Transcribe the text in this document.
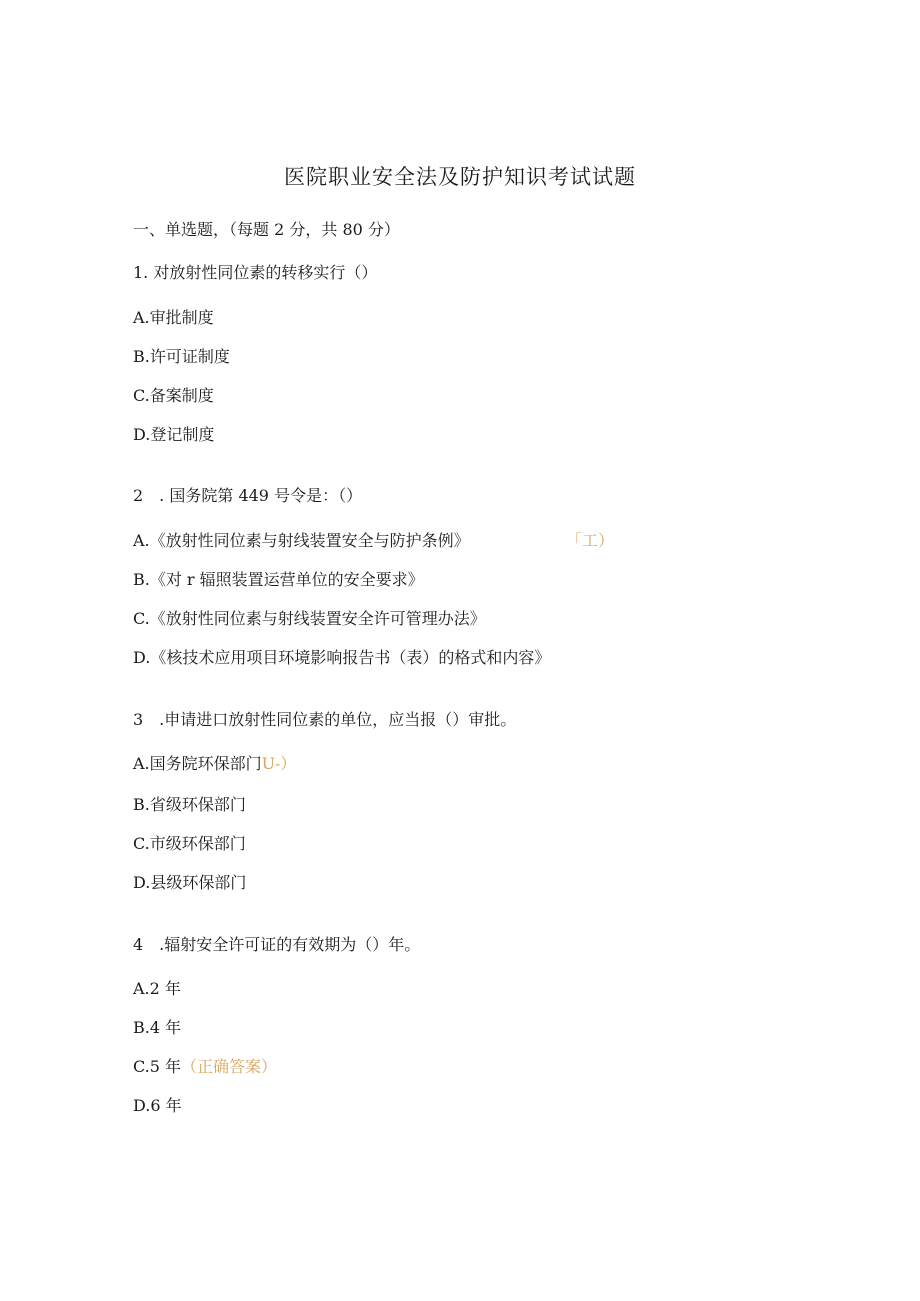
医院职业安全法及防护知识考试试题
一、单选题，（每题 2 分，共 80 分）
1. 对放射性同位素的转移实行（）
A.审批制度
B.许可证制度
C.备案制度
D.登记制度
2　. 国务院第 449 号令是：（）
A.《放射性同位素与射线装置安全与防护条例》	「工）
B.《对 r 辐照装置运营单位的安全要求》
C.《放射性同位素与射线装置安全许可管理办法》
D.《核技术应用项目环境影响报告书（表）的格式和内容》
3　.申请进口放射性同位素的单位，应当报（）审批。
A.国务院环保部门U-）
B.省级环保部门
C.市级环保部门
D.县级环保部门
4　.辐射安全许可证的有效期为（）年。
A.2 年
B.4 年
C.5 年（正确答案）
D.6 年
